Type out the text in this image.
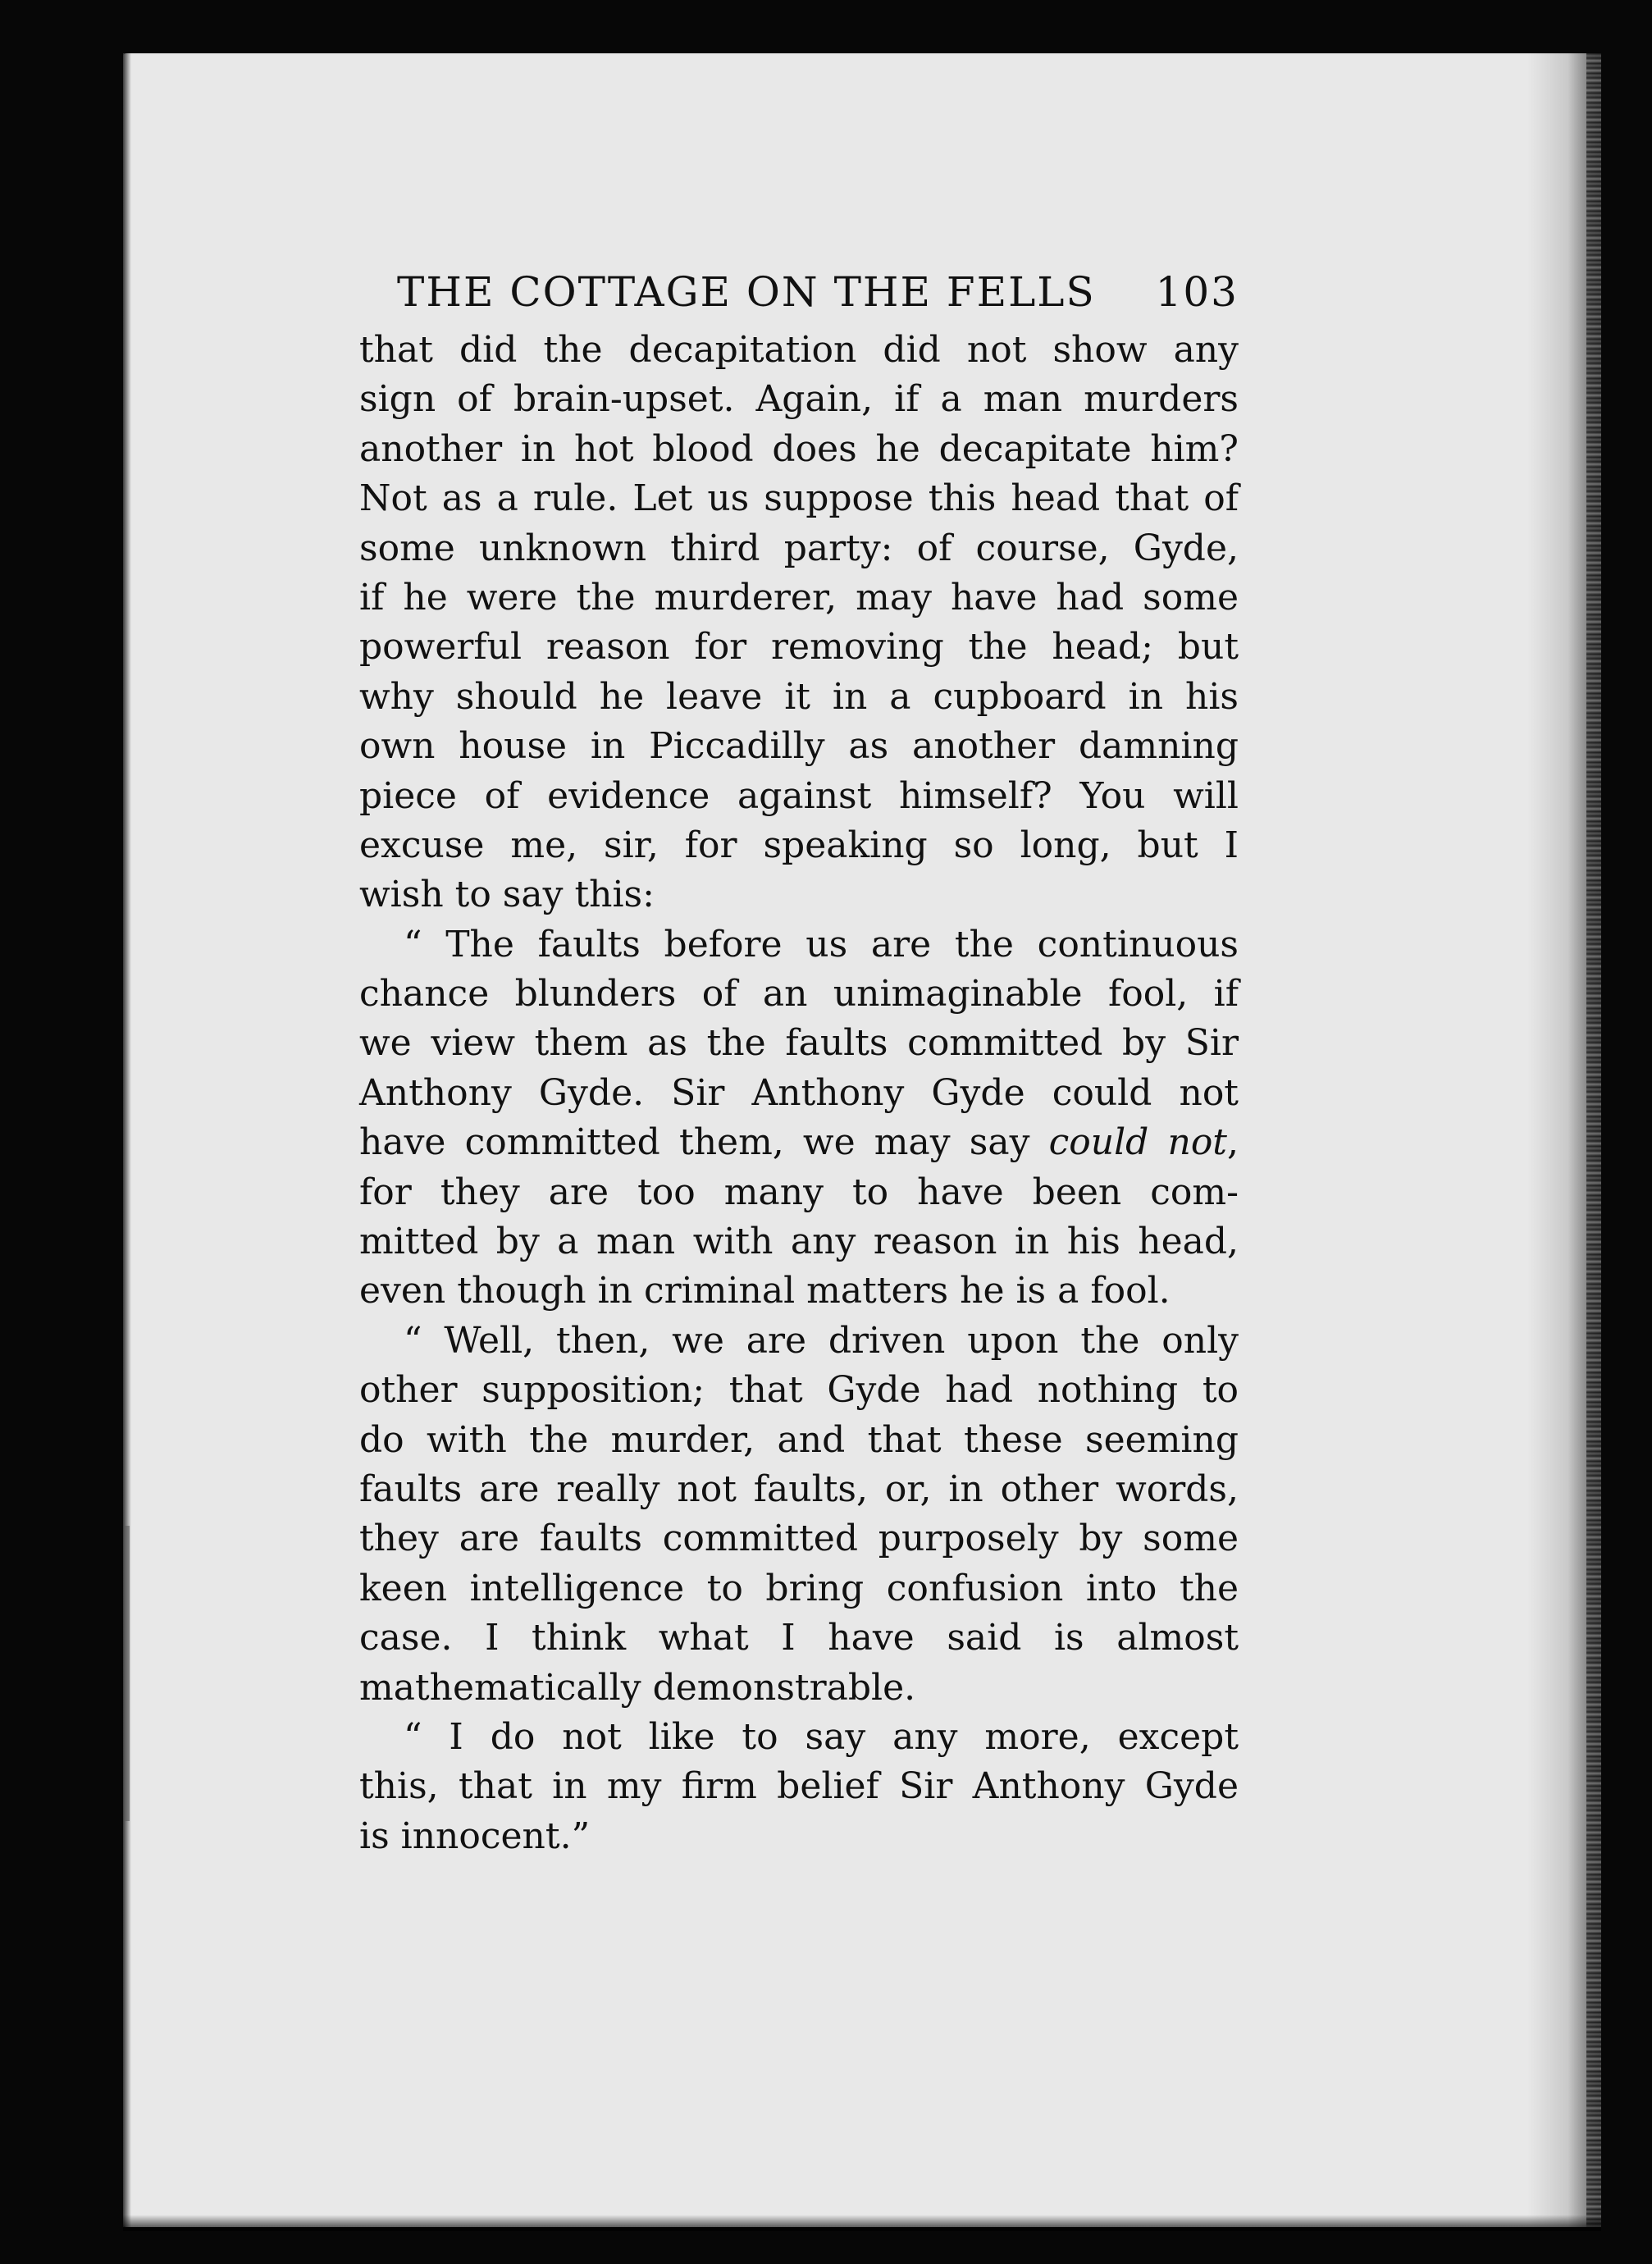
THE COTTAGE ON THE FELLS 103
that did the decapitation did not show any
sign of brain-upset. Again, if a man murders
another in hot blood does he decapitate him?
Not as a rule. Let us suppose this head that of
some unknown third party: of course, Gyde,
if he were the murderer, may have had some
powerful reason for removing the head; but
why should he leave it in a cupboard in his
own house in Piccadilly as another damning
piece of evidence against himself? You will
excuse me, sir, for speaking so long, but I
wish to say this:
“ The faults before us are the continuous
chance blunders of an unimaginable fool, if
we view them as the faults committed by Sir
Anthony Gyde. Sir Anthony Gyde could not
have committed them, we may say could not,
for they are too many to have been com-
mitted by a man with any reason in his head,
even though in criminal matters he is a fool.
“ Well, then, we are driven upon the only
other supposition; that Gyde had nothing to
do with the murder, and that these seeming
faults are really not faults, or, in other words,
they are faults committed purposely by some
keen intelligence to bring confusion into the
case. I think what I have said is almost
mathematically demonstrable.
“ I do not like to say any more, except
this, that in my firm belief Sir Anthony Gyde
is innocent.”
